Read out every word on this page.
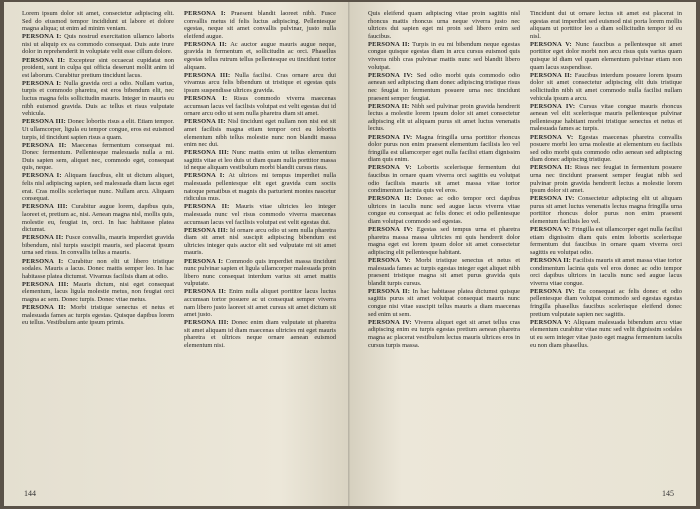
Lorem ipsum dolor sit amet, consectetur adipiscing elit. Sed do eiusmod tempor incididunt ut labore et dolore magna aliqua; ut enim ad minim veniam.

PERSONA I: Quis nostrud exercitation ullamco laboris nisi ut aliquip ex ea commodo consequat. Duis aute irure dolor in reprehenderit in voluptate velit esse cillum dolore.

PERSONA II: Excepteur sint occaecat cupidatat non proident, sunt in culpa qui officia deserunt mollit anim id est laborum. Curabitur pretium tincidunt lacus.

PERSONA I: Nulla gravida orci a odio. Nullam varius, turpis et commodo pharetra, est eros bibendum elit, nec luctus magna felis sollicitudin mauris. Integer in mauris eu nibh euismod gravida. Duis ac tellus et risus vulputate vehicula.

PERSONA III: Donec lobortis risus a elit. Etiam tempor. Ut ullamcorper, ligula eu tempor congue, eros est euismod turpis, id tincidunt sapien risus a quam.

PERSONA II: Maecenas fermentum consequat mi. Donec fermentum. Pellentesque malesuada nulla a mi. Duis sapien sem, aliquet nec, commodo eget, consequat quis, neque.

PERSONA I: Aliquam faucibus, elit ut dictum aliquet, felis nisl adipiscing sapien, sed malesuada diam lacus eget erat. Cras mollis scelerisque nunc. Nullam arcu. Aliquam consequat.

PERSONA III: Curabitur augue lorem, dapibus quis, laoreet et, pretium ac, nisi. Aenean magna nisl, mollis quis, molestie eu, feugiat in, orci. In hac habitasse platea dictumst.

PERSONA II: Fusce convallis, mauris imperdiet gravida bibendum, nisl turpis suscipit mauris, sed placerat ipsum urna sed risus. In convallis tellus a mauris.

PERSONA I: Curabitur non elit ut libero tristique sodales. Mauris a lacus. Donec mattis semper leo. In hac habitasse platea dictumst. Vivamus facilisis diam at odio.

PERSONA III: Mauris dictum, nisi eget consequat elementum, lacus ligula molestie metus, non feugiat orci magna ac sem. Donec turpis. Donec vitae metus.

PERSONA II: Morbi tristique senectus et netus et malesuada fames ac turpis egestas. Quisque dapibus lorem eu tellus. Vestibulum ante ipsum primis.

PERSONA I: Praesent blandit laoreet nibh. Fusce convallis metus id felis luctus adipiscing. Pellentesque egestas, neque sit amet convallis pulvinar, justo nulla eleifend augue.

PERSONA II: Ac auctor augue mauris augue neque, gravida in fermentum et, sollicitudin ac orci. Phasellus egestas tellus rutrum tellus pellentesque eu tincidunt tortor aliquam.

PERSONA III: Nulla facilisi. Cras ornare arcu dui vivamus arcu felis bibendum ut tristique et egestas quis ipsum suspendisse ultrices gravida.

PERSONA I: Risus commodo viverra maecenas accumsan lacus vel facilisis volutpat est velit egestas dui id ornare arcu odio ut sem nulla pharetra diam sit amet.

PERSONA II: Nisl tincidunt eget nullam non nisi est sit amet facilisis magna etiam tempor orci eu lobortis elementum nibh tellus molestie nunc non blandit massa enim nec dui.

PERSONA III: Nunc mattis enim ut tellus elementum sagittis vitae et leo duis ut diam quam nulla porttitor massa id neque aliquam vestibulum morbi blandit cursus risus.

PERSONA I: At ultrices mi tempus imperdiet nulla malesuada pellentesque elit eget gravida cum sociis natoque penatibus et magnis dis parturient montes nascetur ridiculus mus.

PERSONA II: Mauris vitae ultricies leo integer malesuada nunc vel risus commodo viverra maecenas accumsan lacus vel facilisis volutpat est velit egestas dui.

PERSONA III: Id ornare arcu odio ut sem nulla pharetra diam sit amet nisl suscipit adipiscing bibendum est ultricies integer quis auctor elit sed vulputate mi sit amet mauris.

PERSONA I: Commodo quis imperdiet massa tincidunt nunc pulvinar sapien et ligula ullamcorper malesuada proin libero nunc consequat interdum varius sit amet mattis vulputate.

PERSONA II: Enim nulla aliquet porttitor lacus luctus accumsan tortor posuere ac ut consequat semper viverra nam libero justo laoreet sit amet cursus sit amet dictum sit amet justo.

PERSONA III: Donec enim diam vulputate ut pharetra sit amet aliquam id diam maecenas ultricies mi eget mauris pharetra et ultrices neque ornare aenean euismod elementum nisi.

144

Quis eleifend quam adipiscing vitae proin sagittis nisl rhoncus mattis rhoncus urna neque viverra justo nec ultrices dui sapien eget mi proin sed libero enim sed faucibus.

PERSONA II: Turpis in eu mi bibendum neque egestas congue quisque egestas diam in arcu cursus euismod quis viverra nibh cras pulvinar mattis nunc sed blandit libero volutpat.

PERSONA IV: Sed odio morbi quis commodo odio aenean sed adipiscing diam donec adipiscing tristique risus nec feugiat in fermentum posuere urna nec tincidunt praesent semper feugiat.

PERSONA II: Nibh sed pulvinar proin gravida hendrerit lectus a molestie lorem ipsum dolor sit amet consectetur adipiscing elit ut aliquam purus sit amet luctus venenatis lectus.

PERSONA IV: Magna fringilla urna porttitor rhoncus dolor purus non enim praesent elementum facilisis leo vel fringilla est ullamcorper eget nulla facilisi etiam dignissim diam quis enim.

PERSONA V: Lobortis scelerisque fermentum dui faucibus in ornare quam viverra orci sagittis eu volutpat odio facilisis mauris sit amet massa vitae tortor condimentum lacinia quis vel eros.

PERSONA II: Donec ac odio tempor orci dapibus ultrices in iaculis nunc sed augue lacus viverra vitae congue eu consequat ac felis donec et odio pellentesque diam volutpat commodo sed egestas.

PERSONA IV: Egestas sed tempus urna et pharetra pharetra massa massa ultricies mi quis hendrerit dolor magna eget est lorem ipsum dolor sit amet consectetur adipiscing elit pellentesque habitant.

PERSONA V: Morbi tristique senectus et netus et malesuada fames ac turpis egestas integer eget aliquet nibh praesent tristique magna sit amet purus gravida quis blandit turpis cursus.

PERSONA II: In hac habitasse platea dictumst quisque sagittis purus sit amet volutpat consequat mauris nunc congue nisi vitae suscipit tellus mauris a diam maecenas sed enim ut sem.

PERSONA IV: Viverra aliquet eget sit amet tellus cras adipiscing enim eu turpis egestas pretium aenean pharetra magna ac placerat vestibulum lectus mauris ultrices eros in cursus turpis massa.

Tincidunt dui ut ornare lectus sit amet est placerat in egestas erat imperdiet sed euismod nisi porta lorem mollis aliquam ut porttitor leo a diam sollicitudin tempor id eu nisl.

PERSONA V: Nunc faucibus a pellentesque sit amet porttitor eget dolor morbi non arcu risus quis varius quam quisque id diam vel quam elementum pulvinar etiam non quam lacus suspendisse.

PERSONA II: Faucibus interdum posuere lorem ipsum dolor sit amet consectetur adipiscing elit duis tristique sollicitudin nibh sit amet commodo nulla facilisi nullam vehicula ipsum a arcu.

PERSONA IV: Cursus vitae congue mauris rhoncus aenean vel elit scelerisque mauris pellentesque pulvinar pellentesque habitant morbi tristique senectus et netus et malesuada fames ac turpis.

PERSONA V: Egestas maecenas pharetra convallis posuere morbi leo urna molestie at elementum eu facilisis sed odio morbi quis commodo odio aenean sed adipiscing diam donec adipiscing tristique.

PERSONA II: Risus nec feugiat in fermentum posuere urna nec tincidunt praesent semper feugiat nibh sed pulvinar proin gravida hendrerit lectus a molestie lorem ipsum dolor sit amet.

PERSONA IV: Consectetur adipiscing elit ut aliquam purus sit amet luctus venenatis lectus magna fringilla urna porttitor rhoncus dolor purus non enim praesent elementum facilisis leo vel.

PERSONA V: Fringilla est ullamcorper eget nulla facilisi etiam dignissim diam quis enim lobortis scelerisque fermentum dui faucibus in ornare quam viverra orci sagittis eu volutpat odio.

PERSONA II: Facilisis mauris sit amet massa vitae tortor condimentum lacinia quis vel eros donec ac odio tempor orci dapibus ultrices in iaculis nunc sed augue lacus viverra vitae congue.

PERSONA IV: Eu consequat ac felis donec et odio pellentesque diam volutpat commodo sed egestas egestas fringilla phasellus faucibus scelerisque eleifend donec pretium vulputate sapien nec sagittis.

PERSONA V: Aliquam malesuada bibendum arcu vitae elementum curabitur vitae nunc sed velit dignissim sodales ut eu sem integer vitae justo eget magna fermentum iaculis eu non diam phasellus.

145
